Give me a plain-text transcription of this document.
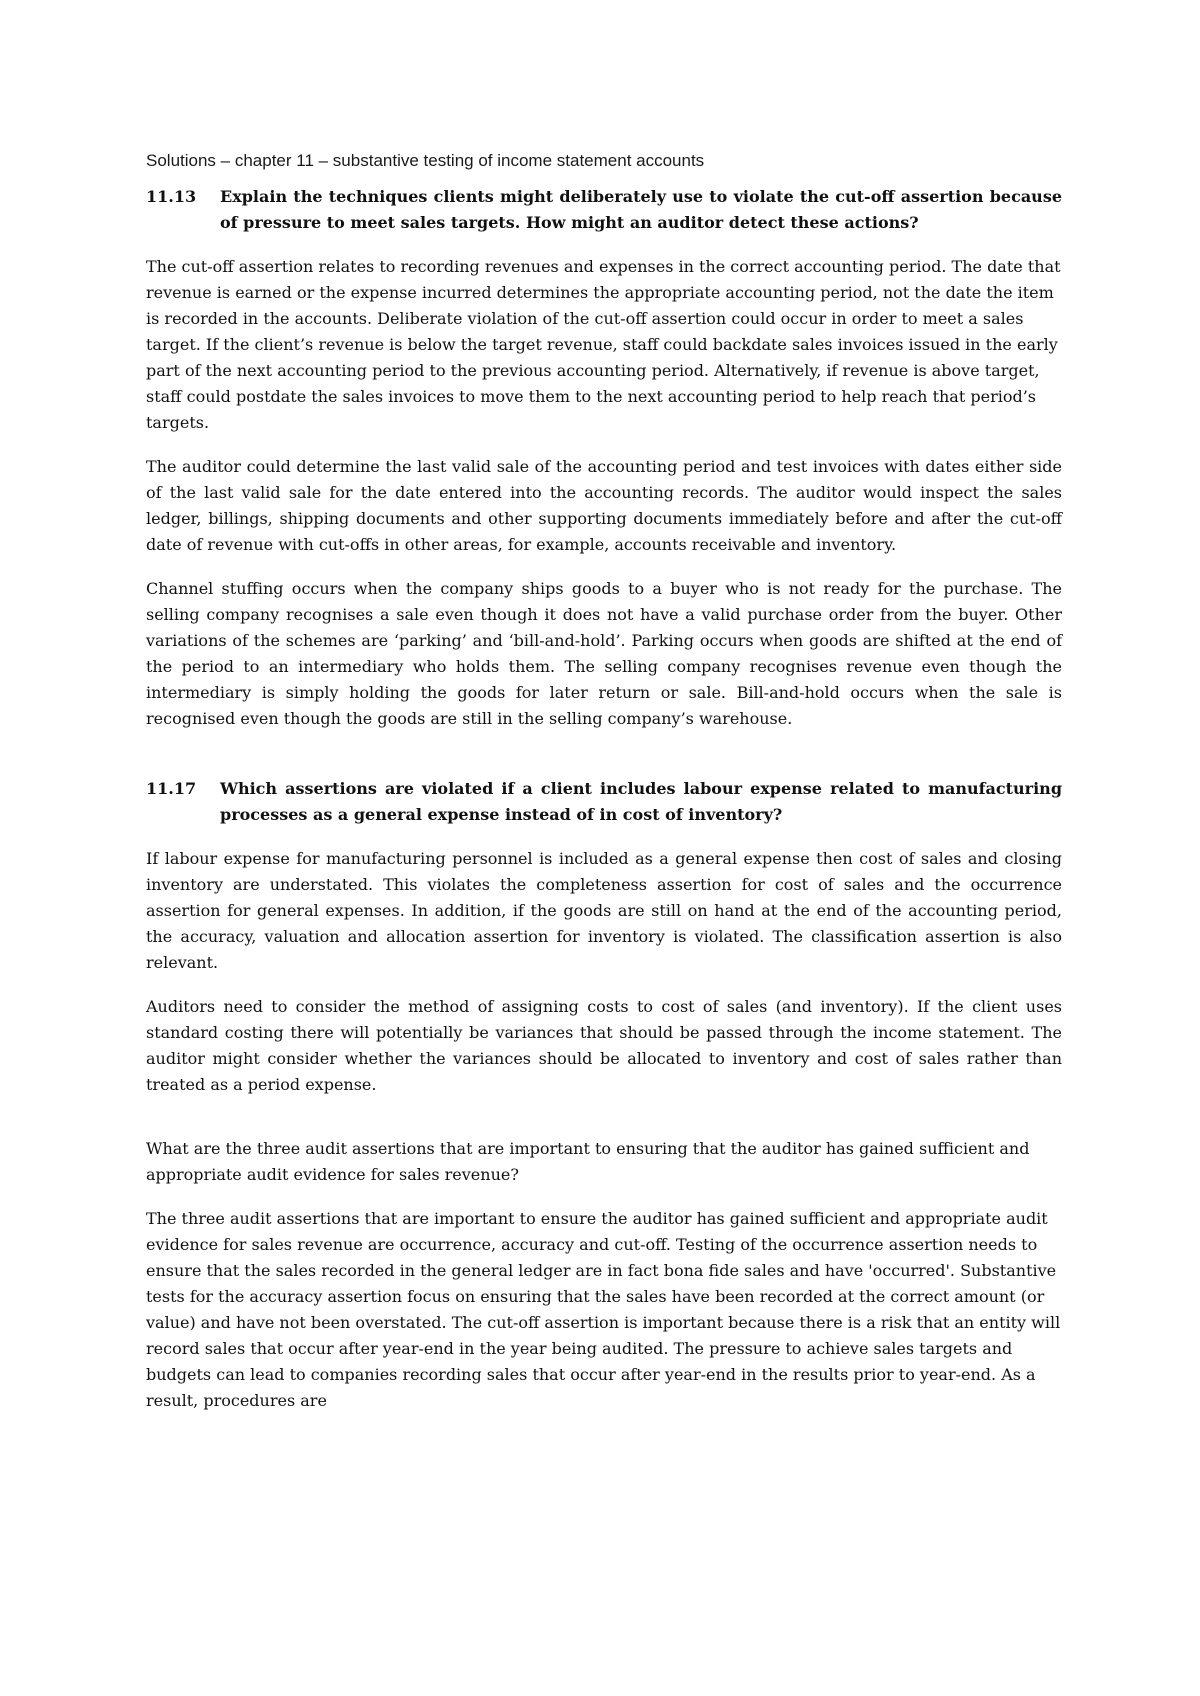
Solutions – chapter 11 – substantive testing of income statement accounts
11.13	Explain the techniques clients might deliberately use to violate the cut-off assertion because of pressure to meet sales targets. How might an auditor detect these actions?

The cut-off assertion relates to recording revenues and expenses in the correct accounting period. The date that revenue is earned or the expense incurred determines the appropriate accounting period, not the date the item is recorded in the accounts. Deliberate violation of the cut-off assertion could occur in order to meet a sales target. If the client’s revenue is below the target revenue, staff could backdate sales invoices issued in the early part of the next accounting period to the previous accounting period. Alternatively, if revenue is above target, staff could postdate the sales invoices to move them to the next accounting period to help reach that period’s targets.

The auditor could determine the last valid sale of the accounting period and test invoices with dates either side of the last valid sale for the date entered into the accounting records. The auditor would inspect the sales ledger, billings, shipping documents and other supporting documents immediately before and after the cut-off date of revenue with cut-offs in other areas, for example, accounts receivable and inventory.

Channel stuffing occurs when the company ships goods to a buyer who is not ready for the purchase. The selling company recognises a sale even though it does not have a valid purchase order from the buyer. Other variations of the schemes are ‘parking’ and ‘bill-and-hold’. Parking occurs when goods are shifted at the end of the period to an intermediary who holds them. The selling company recognises revenue even though the intermediary is simply holding the goods for later return or sale. Bill-and-hold occurs when the sale is recognised even though the goods are still in the selling company’s warehouse.

11.17	Which assertions are violated if a client includes labour expense related to manufacturing processes as a general expense instead of in cost of inventory?

If labour expense for manufacturing personnel is included as a general expense then cost of sales and closing inventory are understated. This violates the completeness assertion for cost of sales and the occurrence assertion for general expenses. In addition, if the goods are still on hand at the end of the accounting period, the accuracy, valuation and allocation assertion for inventory is violated. The classification assertion is also relevant.

Auditors need to consider the method of assigning costs to cost of sales (and inventory). If the client uses standard costing there will potentially be variances that should be passed through the income statement. The auditor might consider whether the variances should be allocated to inventory and cost of sales rather than treated as a period expense.

What are the three audit assertions that are important to ensuring that the auditor has gained sufficient and appropriate audit evidence for sales revenue?

The three audit assertions that are important to ensure the auditor has gained sufficient and appropriate audit evidence for sales revenue are occurrence, accuracy and cut-off. Testing of the occurrence assertion needs to ensure that the sales recorded in the general ledger are in fact bona fide sales and have 'occurred'. Substantive tests for the accuracy assertion focus on ensuring that the sales have been recorded at the correct amount (or value) and have not been overstated. The cut-off assertion is important because there is a risk that an entity will record sales that occur after year-end in the year being audited. The pressure to achieve sales targets and budgets can lead to companies recording sales that occur after year-end in the results prior to year-end. As a result, procedures are
